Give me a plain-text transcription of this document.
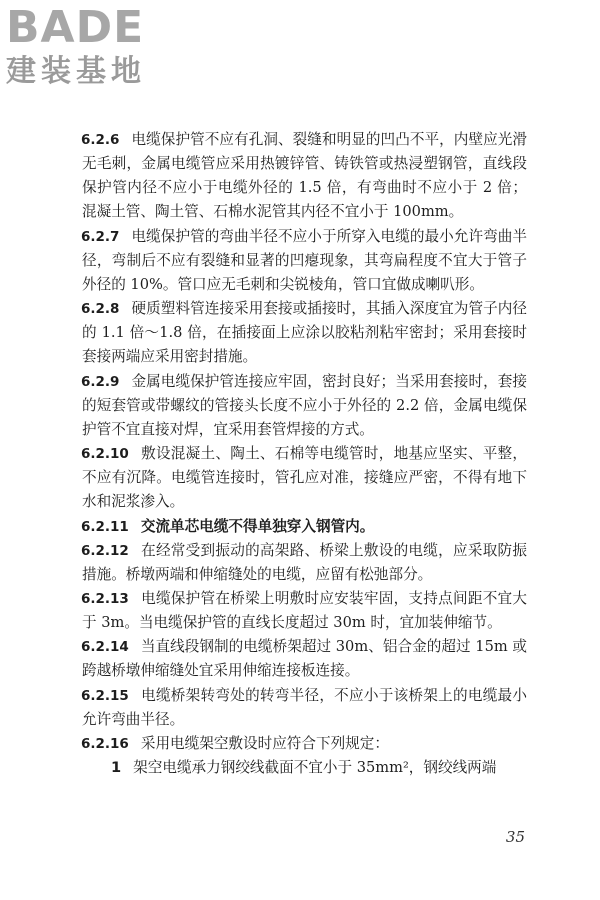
BADE
建装基地

6.2.6 电缆保护管不应有孔洞、裂缝和明显的凹凸不平，内壁应光滑无毛刺，金属电缆管应采用热镀锌管、铸铁管或热浸塑钢管，直线段保护管内径不应小于电缆外径的 1.5 倍，有弯曲时不应小于 2 倍；混凝土管、陶土管、石棉水泥管其内径不宜小于 100mm。

6.2.7 电缆保护管的弯曲半径不应小于所穿入电缆的最小允许弯曲半径，弯制后不应有裂缝和显著的凹瘪现象，其弯扁程度不宜大于管子外径的 10%。管口应无毛刺和尖锐棱角，管口宜做成喇叭形。

6.2.8 硬质塑料管连接采用套接或插接时，其插入深度宜为管子内径的 1.1 倍～1.8 倍，在插接面上应涂以胶粘剂粘牢密封；采用套接时套接两端应采用密封措施。

6.2.9 金属电缆保护管连接应牢固，密封良好；当采用套接时，套接的短套管或带螺纹的管接头长度不应小于外径的 2.2 倍，金属电缆保护管不宜直接对焊，宜采用套管焊接的方式。

6.2.10 敷设混凝土、陶土、石棉等电缆管时，地基应坚实、平整，不应有沉降。电缆管连接时，管孔应对准，接缝应严密，不得有地下水和泥浆渗入。

6.2.11 交流单芯电缆不得单独穿入钢管内。

6.2.12 在经常受到振动的高架路、桥梁上敷设的电缆，应采取防振措施。桥墩两端和伸缩缝处的电缆，应留有松弛部分。

6.2.13 电缆保护管在桥梁上明敷时应安装牢固，支持点间距不宜大于 3m。当电缆保护管的直线长度超过 30m 时，宜加装伸缩节。

6.2.14 当直线段钢制的电缆桥架超过 30m、铝合金的超过 15m 或跨越桥墩伸缩缝处宜采用伸缩连接板连接。

6.2.15 电缆桥架转弯处的转弯半径，不应小于该桥架上的电缆最小允许弯曲半径。

6.2.16 采用电缆架空敷设时应符合下列规定：

1 架空电缆承力钢绞线截面不宜小于 35mm²，钢绞线两端

35
